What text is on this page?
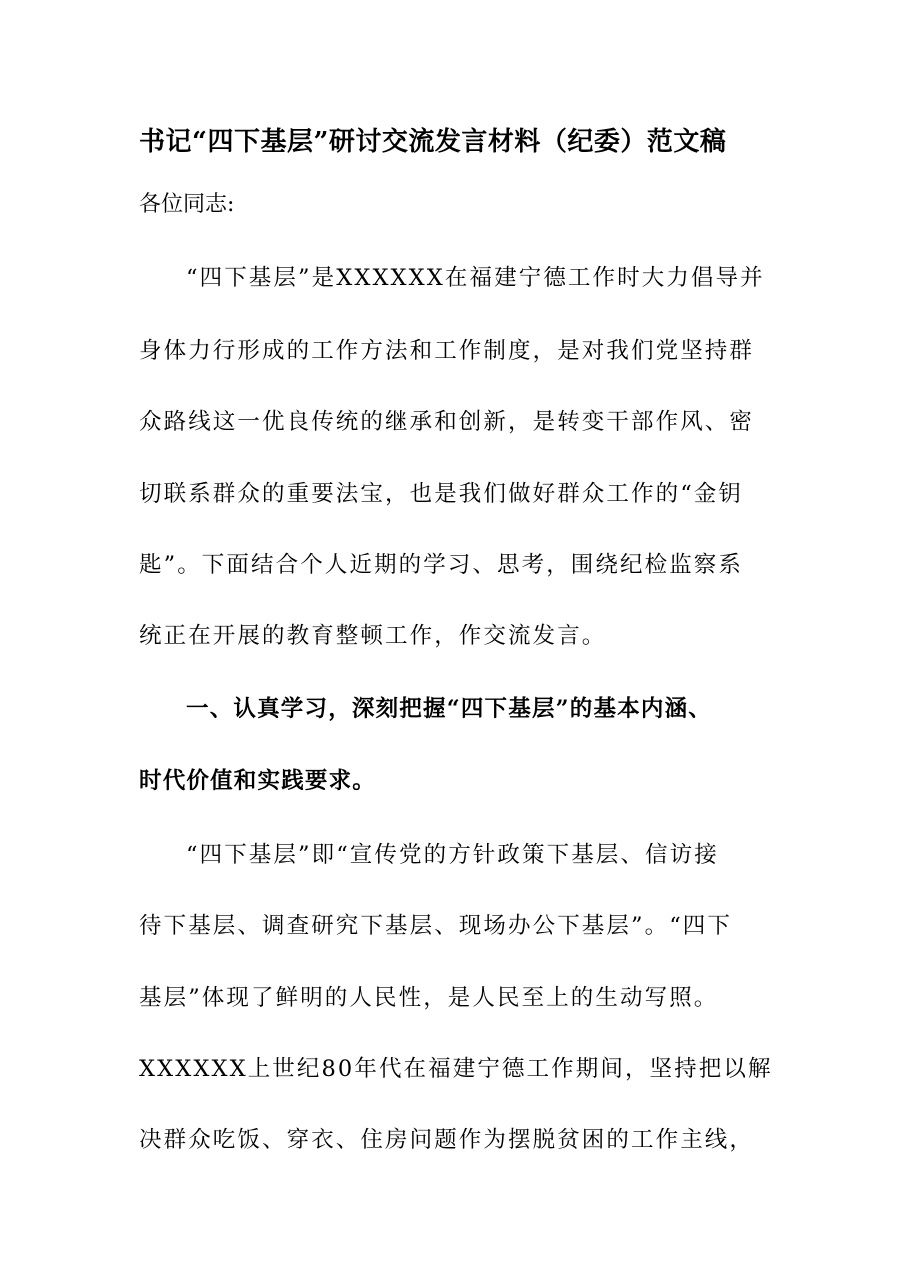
书记“四下基层”研讨交流发言材料（纪委）范文稿
各位同志:
“四下基层”是XXXXXX在福建宁德工作时大力倡导并
身体力行形成的工作方法和工作制度，是对我们党坚持群
众路线这一优良传统的继承和创新，是转变干部作风、密
切联系群众的重要法宝，也是我们做好群众工作的“金钥
匙”。下面结合个人近期的学习、思考，围绕纪检监察系
统正在开展的教育整顿工作，作交流发言。
一、认真学习，深刻把握“四下基层”的基本内涵、
时代价值和实践要求。
“四下基层”即“宣传党的方针政策下基层、信访接
待下基层、调查研究下基层、现场办公下基层”。“四下
基层”体现了鲜明的人民性，是人民至上的生动写照。
XXXXXX上世纪80年代在福建宁德工作期间，坚持把以解
决群众吃饭、穿衣、住房问题作为摆脱贫困的工作主线，
